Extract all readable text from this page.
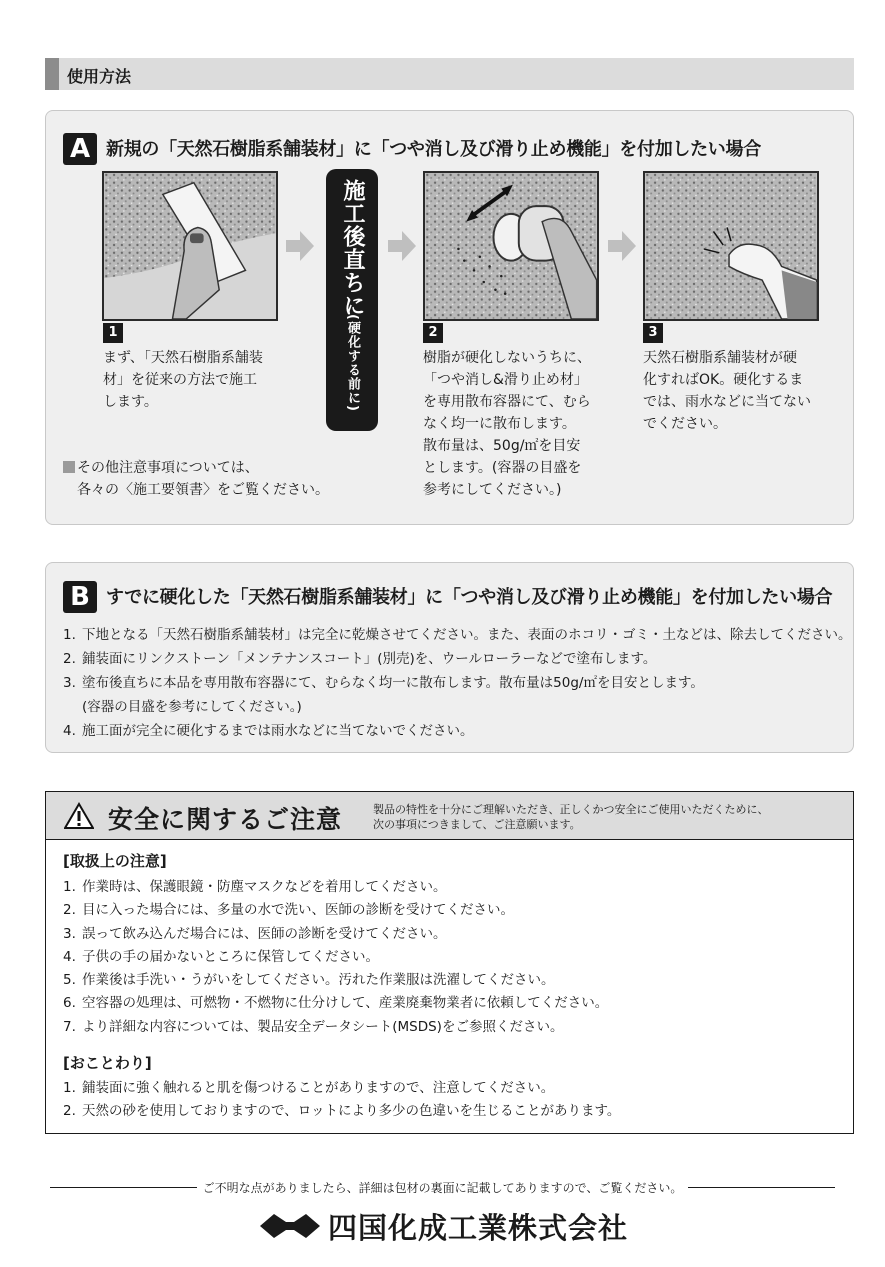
使用方法
A 新規の「天然石樹脂系舗装材」に「つや消し及び滑り止め機能」を付加したい場合
施工後直ちに
(硬化する前に)
1
まず、「天然石樹脂系舗装
材」を従来の方法で施工
します。
2
樹脂が硬化しないうちに、
「つや消し&滑り止め材」
を専用散布容器にて、むら
なく均一に散布します。
散布量は、50g/㎡を目安
とします。(容器の目盛を
参考にしてください。)
3
天然石樹脂系舗装材が硬
化すればOK。硬化するま
では、雨水などに当てない
でください。
その他注意事項については、
各々の〈施工要領書〉をご覧ください。
B すでに硬化した「天然石樹脂系舗装材」に「つや消し及び滑り止め機能」を付加したい場合
1. 下地となる「天然石樹脂系舗装材」は完全に乾燥させてください。また、表面のホコリ・ゴミ・土などは、除去してください。
2. 鋪装面にリンクストーン「メンテナンスコート」(別売)を、ウールローラーなどで塗布します。
3. 塗布後直ちに本品を専用散布容器にて、むらなく均一に散布します。散布量は50g/㎡を目安とします。
(容器の目盛を参考にしてください。)
4. 施工面が完全に硬化するまでは雨水などに当てないでください。
安全に関するご注意	製品の特性を十分にご理解いただき、正しくかつ安全にご使用いただくために、
次の事項につきまして、ご注意願います。
[取扱上の注意]
1. 作業時は、保護眼鏡・防塵マスクなどを着用してください。
2. 目に入った場合には、多量の水で洗い、医師の診断を受けてください。
3. 誤って飲み込んだ場合には、医師の診断を受けてください。
4. 子供の手の届かないところに保管してください。
5. 作業後は手洗い・うがいをしてください。汚れた作業服は洗濯してください。
6. 空容器の処理は、可燃物・不燃物に仕分けして、産業廃棄物業者に依頼してください。
7. より詳細な内容については、製品安全データシート(MSDS)をご参照ください。
[おことわり]
1. 鋪装面に強く触れると肌を傷つけることがありますので、注意してください。
2. 天然の砂を使用しておりますので、ロットにより多少の色違いを生じることがあります。
ご不明な点がありましたら、詳細は包材の裏面に記載してありますので、ご覧ください。
四国化成工業株式会社
